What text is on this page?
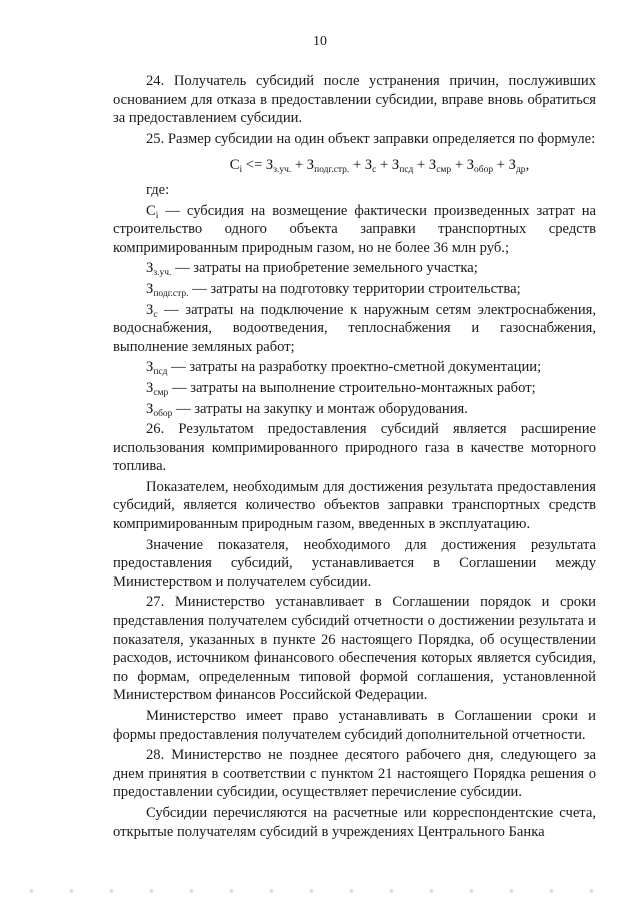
10

24. Получатель субсидий после устранения причин, послуживших основанием для отказа в предоставлении субсидии, вправе вновь обратиться за предоставлением субсидии.

25. Размер субсидии на один объект заправки определяется по формуле:

$С_i <= З_{з.уч.} + З_{подг.стр.} + З_с + З_{псд} + З_{смр} + З_{обор} + З_{др}$,

где:

$С_i$ — субсидия на возмещение фактически произведенных затрат на строительство одного объекта заправки транспортных средств компримированным природным газом, но не более 36 млн руб.;

$З_{з.уч.}$ — затраты на приобретение земельного участка;

$З_{подг.стр.}$ — затраты на подготовку территории строительства;

$З_с$ — затраты на подключение к наружным сетям электроснабжения, водоснабжения, водоотведения, теплоснабжения и газоснабжения, выполнение земляных работ;

$З_{псд}$ — затраты на разработку проектно-сметной документации;

$З_{смр}$ — затраты на выполнение строительно-монтажных работ;

$З_{обор}$ — затраты на закупку и монтаж оборудования.

26. Результатом предоставления субсидий является расширение использования компримированного природного газа в качестве моторного топлива.

Показателем, необходимым для достижения результата предоставления субсидий, является количество объектов заправки транспортных средств компримированным природным газом, введенных в эксплуатацию.

Значение показателя, необходимого для достижения результата предоставления субсидий, устанавливается в Соглашении между Министерством и получателем субсидии.

27. Министерство устанавливает в Соглашении порядок и сроки представления получателем субсидий отчетности о достижении результата и показателя, указанных в пункте 26 настоящего Порядка, об осуществлении расходов, источником финансового обеспечения которых является субсидия, по формам, определенным типовой формой соглашения, установленной Министерством финансов Российской Федерации.

Министерство имеет право устанавливать в Соглашении сроки и формы предоставления получателем субсидий дополнительной отчетности.

28. Министерство не позднее десятого рабочего дня, следующего за днем принятия в соответствии с пунктом 21 настоящего Порядка решения о предоставлении субсидии, осуществляет перечисление субсидии.

Субсидии перечисляются на расчетные или корреспондентские счета, открытые получателям субсидий в учреждениях Центрального Банка
